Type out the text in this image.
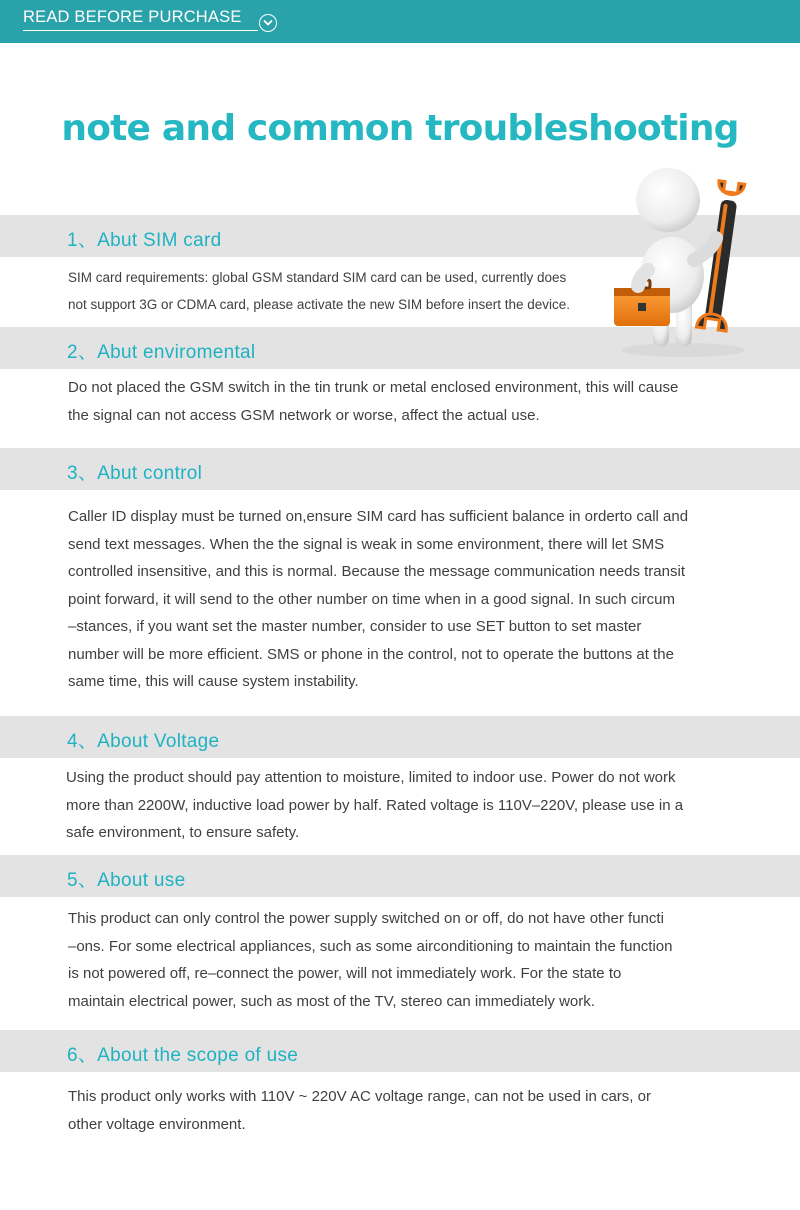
READ BEFORE PURCHASE
note and common troubleshooting
1、Abut SIM card
SIM card requirements: global GSM standard SIM card can be used, currently does
not support 3G or CDMA card, please activate the new SIM before insert the device.
2、Abut enviromental
Do not placed the GSM switch in the tin trunk or metal enclosed environment, this will cause
the signal can not access GSM network or worse, affect the actual use.
3、Abut control
Caller ID display must be turned on,ensure SIM card has sufficient balance in orderto call and
send text messages. When the the signal is weak in some environment, there will let SMS
controlled insensitive, and this is normal. Because the message communication needs transit
point forward, it will send to the other number on time when in a good signal. In such circum
–stances, if you want set the master number, consider to use SET button to set master
number will be more efficient. SMS or phone in the control, not to operate the buttons at the
same time, this will cause system instability.
4、About Voltage
Using the product should pay attention to moisture, limited to indoor use. Power do not work
more than 2200W, inductive load power by half. Rated voltage is 110V–220V, please use in a
safe environment, to ensure safety.
5、About use
This product can only control the power supply switched on or off, do not have other functi
–ons. For some electrical appliances, such as some airconditioning to maintain the function
is not powered off, re–connect the power, will not immediately work. For the state to
maintain electrical power, such as most of the TV, stereo can immediately work.
6、About the scope of use
This product only works with 110V ~ 220V AC voltage range, can not be used in cars, or
other voltage environment.
